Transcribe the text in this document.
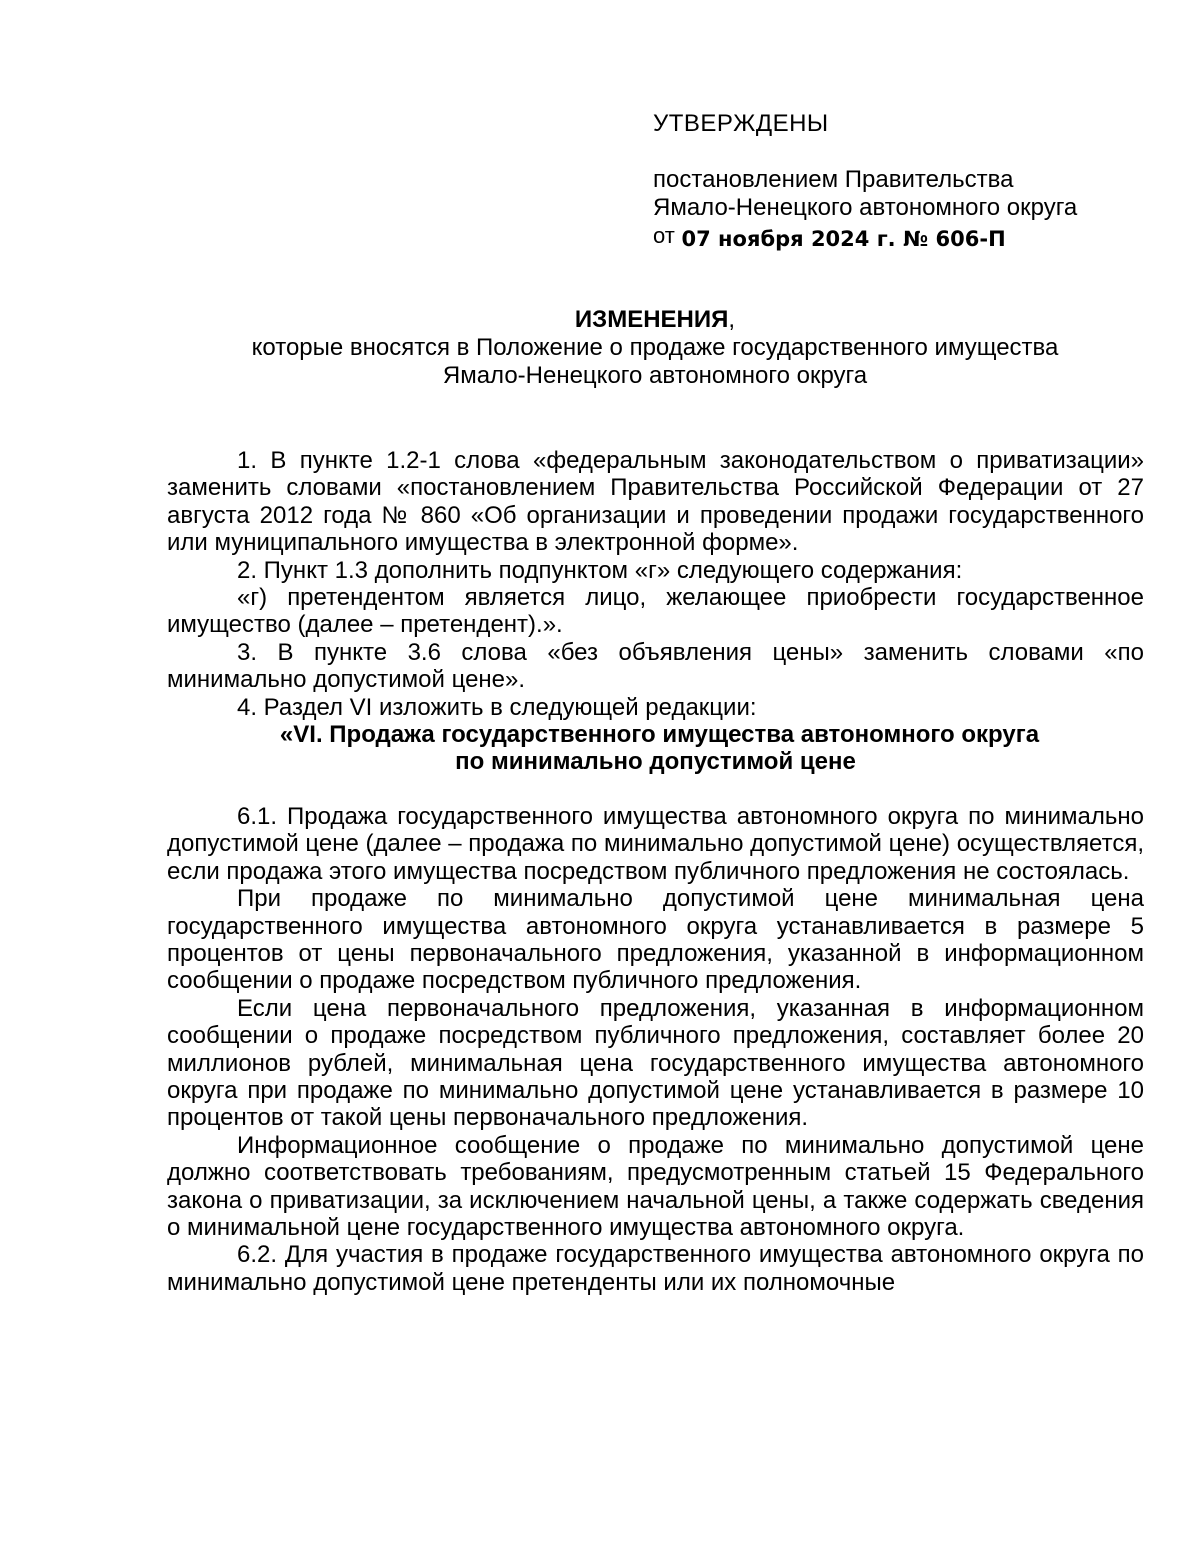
УТВЕРЖДЕНЫ
постановлением Правительства
Ямало-Ненецкого автономного округа
от 07 ноября 2024 г. № 606-П
ИЗМЕНЕНИЯ,
которые вносятся в Положение о продаже государственного имущества
Ямало-Ненецкого автономного округа

1. В пункте 1.2-1 слова «федеральным законодательством о приватизации» заменить словами «постановлением Правительства Российской Федерации от 27 августа 2012 года № 860 «Об организации и проведении продажи государственного или муниципального имущества в электронной форме».

2. Пункт 1.3 дополнить подпунктом «г» следующего содержания:

«г) претендентом является лицо, желающее приобрести государственное имущество (далее – претендент).».

3. В пункте 3.6 слова «без объявления цены» заменить словами «по минимально допустимой цене».

4. Раздел VI изложить в следующей редакции:

«VI. Продажа государственного имущества автономного округа
по минимально допустимой цене

6.1. Продажа государственного имущества автономного округа по минимально допустимой цене (далее – продажа по минимально допустимой цене) осуществляется, если продажа этого имущества посредством публичного предложения не состоялась.

При продаже по минимально допустимой цене минимальная цена государственного имущества автономного округа устанавливается в размере 5 процентов от цены первоначального предложения, указанной в информационном сообщении о продаже посредством публичного предложения.

Если цена первоначального предложения, указанная в информационном сообщении о продаже посредством публичного предложения, составляет более 20 миллионов рублей, минимальная цена государственного имущества автономного округа при продаже по минимально допустимой цене устанавливается в размере 10 процентов от такой цены первоначального предложения.

Информационное сообщение о продаже по минимально допустимой цене должно соответствовать требованиям, предусмотренным статьей 15 Федерального закона о приватизации, за исключением начальной цены, а также содержать сведения о минимальной цене государственного имущества автономного округа.

6.2. Для участия в продаже государственного имущества автономного округа по минимально допустимой цене претенденты или их полномочные
